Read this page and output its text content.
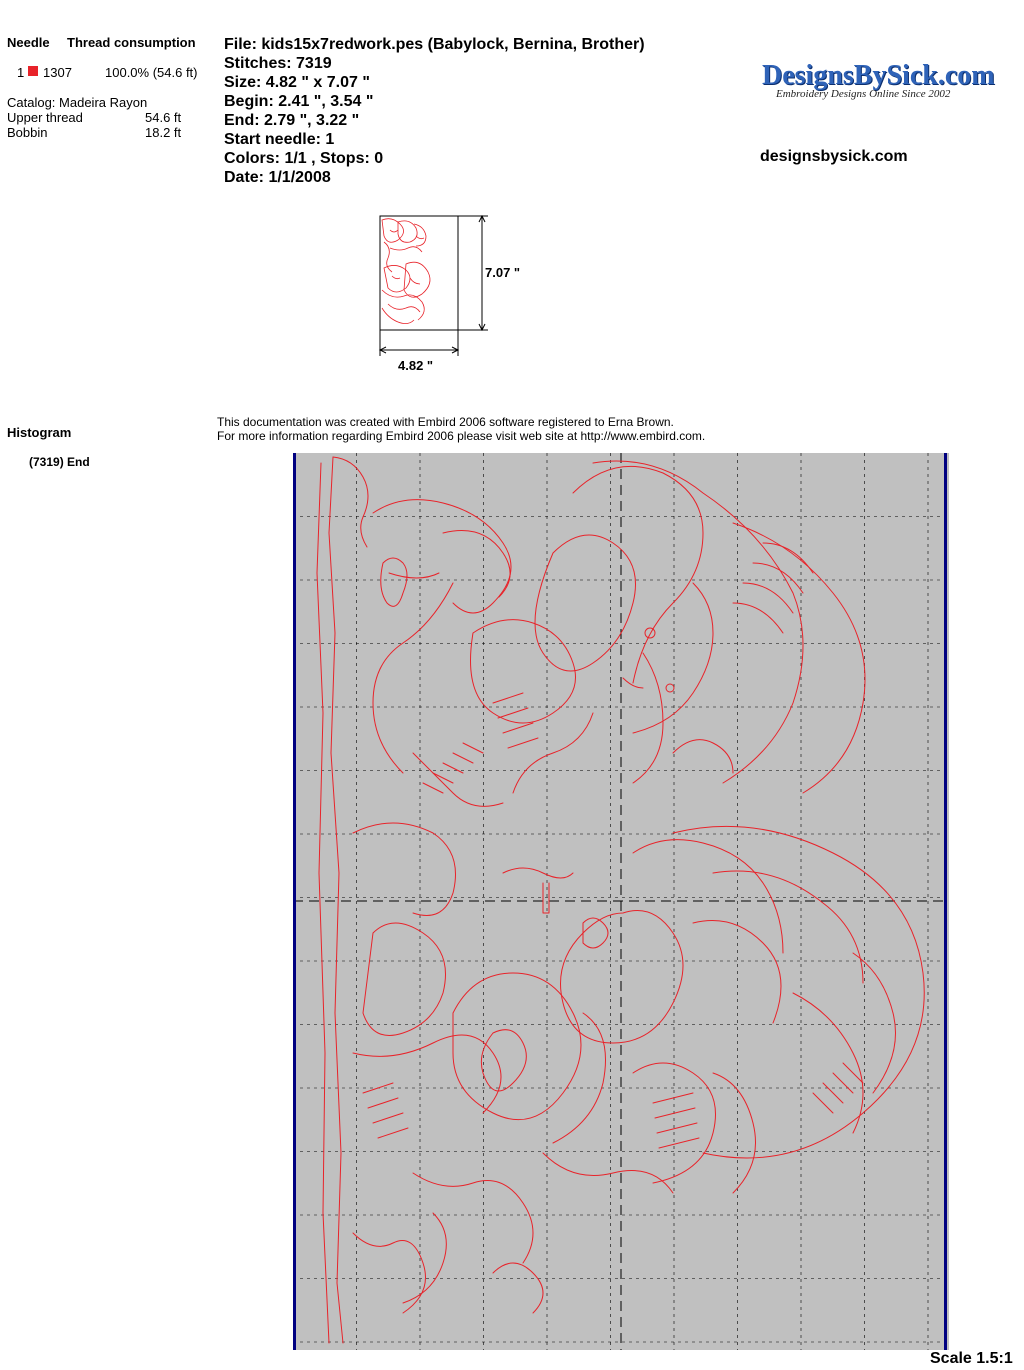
Needle Thread consumption
1 1307	100.0% (54.6 ft)
Catalog: Madeira Rayon
Upper thread	54.6 ft
Bobbin	18.2 ft
File: kids15x7redwork.pes (Babylock, Bernina, Brother)
Stitches: 7319
Size: 4.82 " x 7.07 "
Begin: 2.41 ", 3.54 "
End: 2.79 ", 3.22 "
Start needle: 1
Colors: 1/1 , Stops: 0
Date: 1/1/2008
DesignsBySick.com
Embroidery Designs Online Since 2002
designsbysick.com
7.07 "
4.82 "
Histogram
(7319) End
This documentation was created with Embird 2006 software registered to Erna Brown.
For more information regarding Embird 2006 please visit web site at http://www.embird.com.
Scale 1.5:1
